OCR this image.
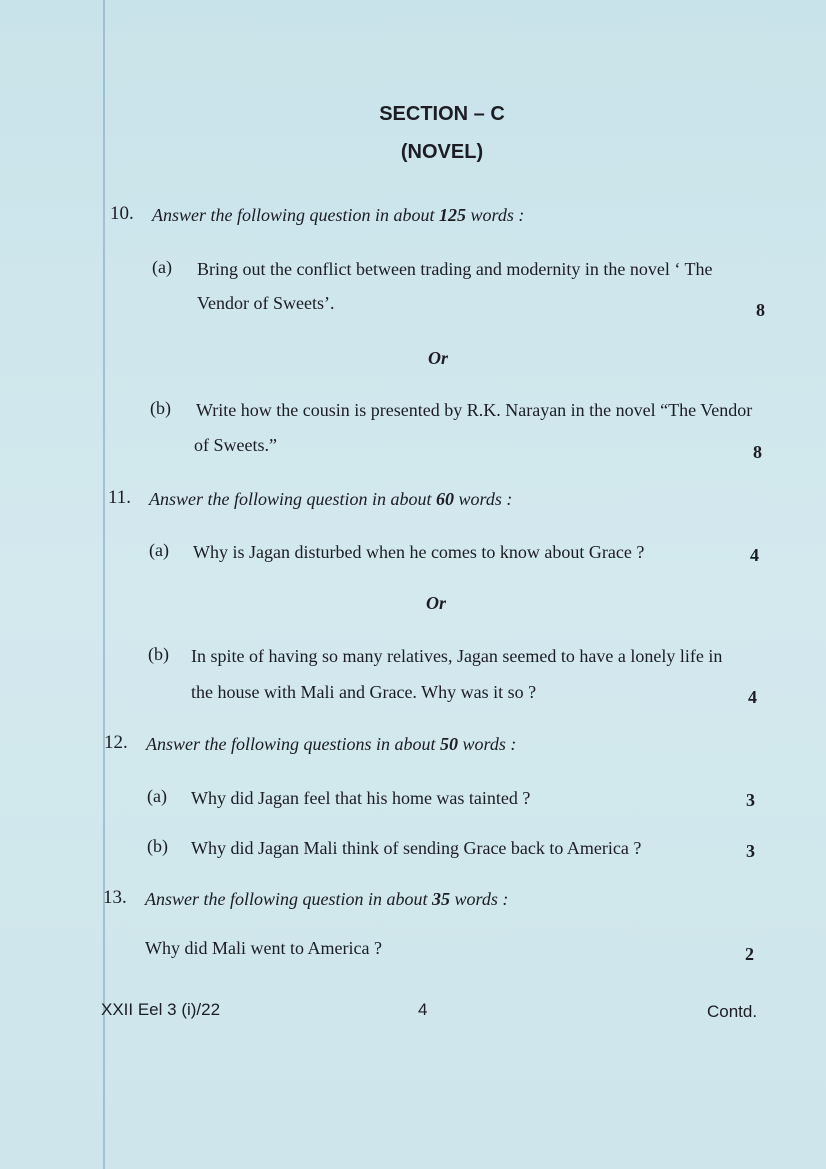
SECTION – C
(NOVEL)
10. Answer the following question in about 125 words :
(a) Bring out the conflict between trading and modernity in the novel ‘ The
Vendor of Sweets’.	8
Or
(b) Write how the cousin is presented by R.K. Narayan in the novel “The Vendor
of Sweets.”	8
11. Answer the following question in about 60 words :
(a) Why is Jagan disturbed when he comes to know about Grace ?	4
Or
(b) In spite of having so many relatives, Jagan seemed to have a lonely life in
the house with Mali and Grace. Why was it so ?	4
12. Answer the following questions in about 50 words :
(a) Why did Jagan feel that his home was tainted ?	3
(b) Why did Jagan Mali think of sending Grace back to America ?	3
13. Answer the following question in about 35 words :
Why did Mali went to America ?	2
XXII Eel 3 (i)/22	4	Contd.
